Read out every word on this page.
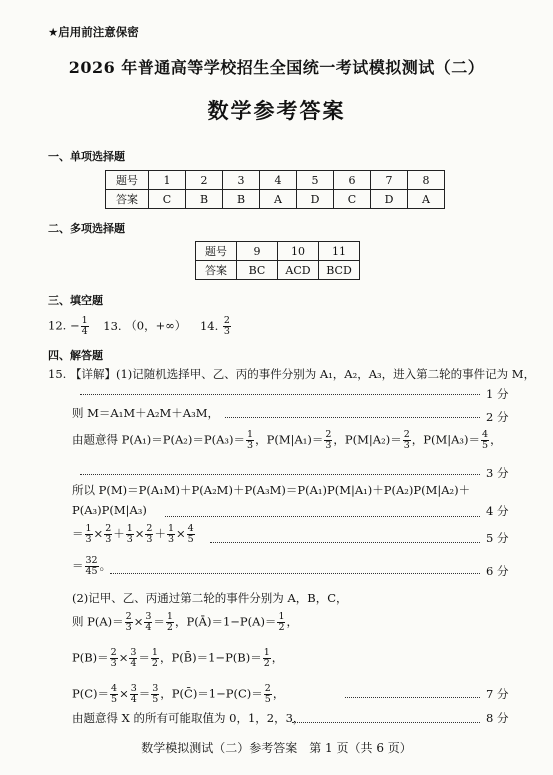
★启用前注意保密
2026 年普通高等学校招生全国统一考试模拟测试（二）
数学参考答案
一、单项选择题
题号	1	2	3	4	5	6	7	8
答案	C	B	B	A	D	C	D	A
二、多项选择题
题号	9	10	11
答案	BC	ACD	BCD
三、填空题
12. − $\frac{1}{4} 13$. （0，+∞） 14. $\frac{2}{3}$
四、解答题
15. 【详解】(1)记随机选择甲、乙、丙的事件分别为 A₁，A₂，A₃，进入第二轮的事件记为 M，
1 分
则 M＝A₁M＋A₂M＋A₃M，	2 分
由题意得 $P(A_1)=P(A_2)=P(A_3)= \frac{1}{3}$ ，$P(M|A_1)= \frac{2}{3}$ ，$P(M|A_2)= \frac{2}{3}$ ，$P(M|A_3)= \frac{4}{5}$ ，
3 分
所以 P(M)＝P(A₁M)＋P(A₂M)＋P(A₃M)＝P(A₁)P(M|A₁)＋P(A₂)P(M|A₂)＋
P(A₃)P(M|A₃)	4 分
＝ $\frac{1}{3} \times \frac{2}{3} + \frac{1}{3} \times \frac{2}{3} + \frac{1}{3} \times \frac{4}{5}$	5 分
＝ $\frac{32}{45}$ 。	6 分
(2)记甲、乙、丙通过第二轮的事件分别为 A，B，C，
则 $P(A)= \frac{2}{3} \times \frac{3}{4} = \frac{1}{2}$ ，P(Ā)＝1−P(A)＝ $\frac{1}{2}$ ，
$P(B)= \frac{2}{3} \times \frac{3}{4} = \frac{1}{2}$ ，P(B̄)＝1−P(B)＝ $\frac{1}{2}$ ，
$P(C)= \frac{4}{5} \times \frac{3}{4} = \frac{3}{5}$ ，P(C̄)＝1−P(C)＝ $\frac{2}{5}$ ，	7 分
由题意得 X 的所有可能取值为 0，1，2，3，	8 分
数学模拟测试（二）参考答案　第 1 页（共 6 页）
